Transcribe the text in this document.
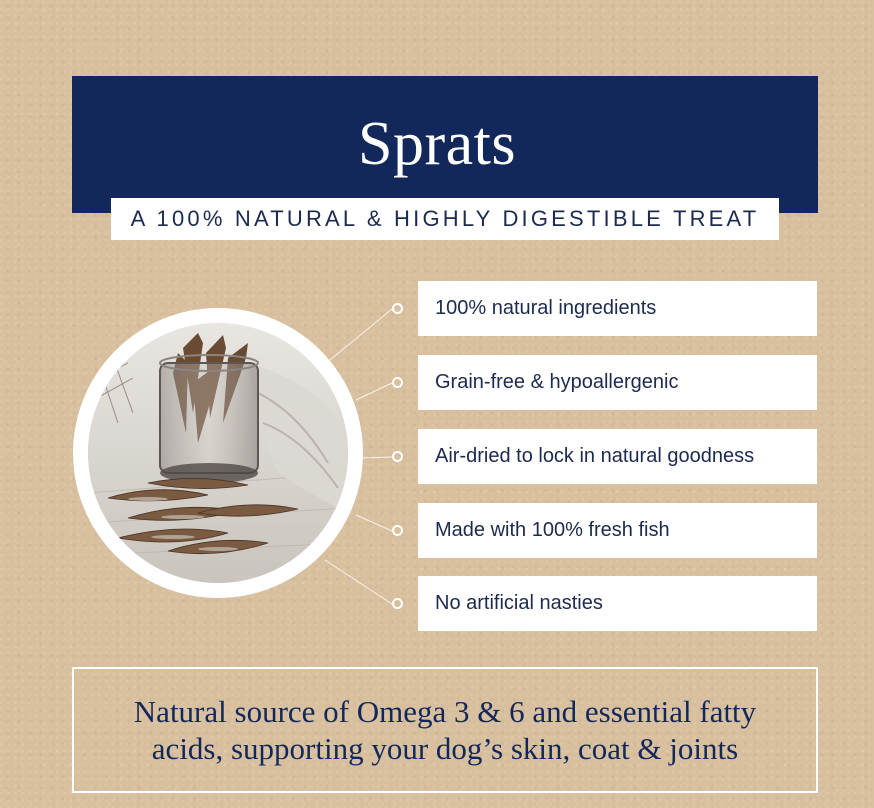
Sprats
A 100% NATURAL & HIGHLY DIGESTIBLE TREAT
100% natural ingredients
Grain-free & hypoallergenic
Air-dried to lock in natural goodness
Made with 100% fresh fish
No artificial nasties
Natural source of Omega 3 & 6 and essential fatty acids, supporting your dog’s skin, coat & joints
